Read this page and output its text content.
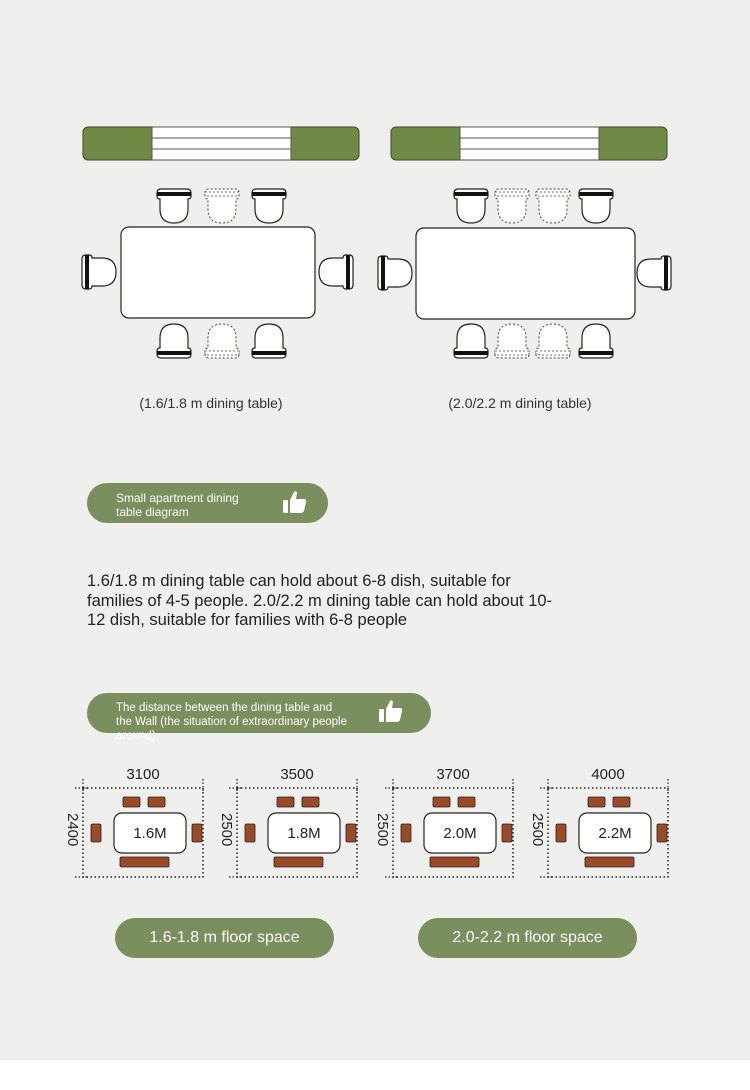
(1.6/1.8 m dining table)	(2.0/2.2 m dining table)
Small apartment dining table diagram
1.6/1.8 m dining table can hold about 6-8 dish, suitable for families of 4-5 people. 2.0/2.2 m dining table can hold about 10-12 dish, suitable for families with 6-8 people
The distance between the dining table and the Wall (the situation of extraordinary people around)
3100
2400	1.6M
3500
2500	1.8M
3700
2500	2.0M
4000
2500	2.2M
1.6-1.8 m floor space	2.0-2.2 m floor space
